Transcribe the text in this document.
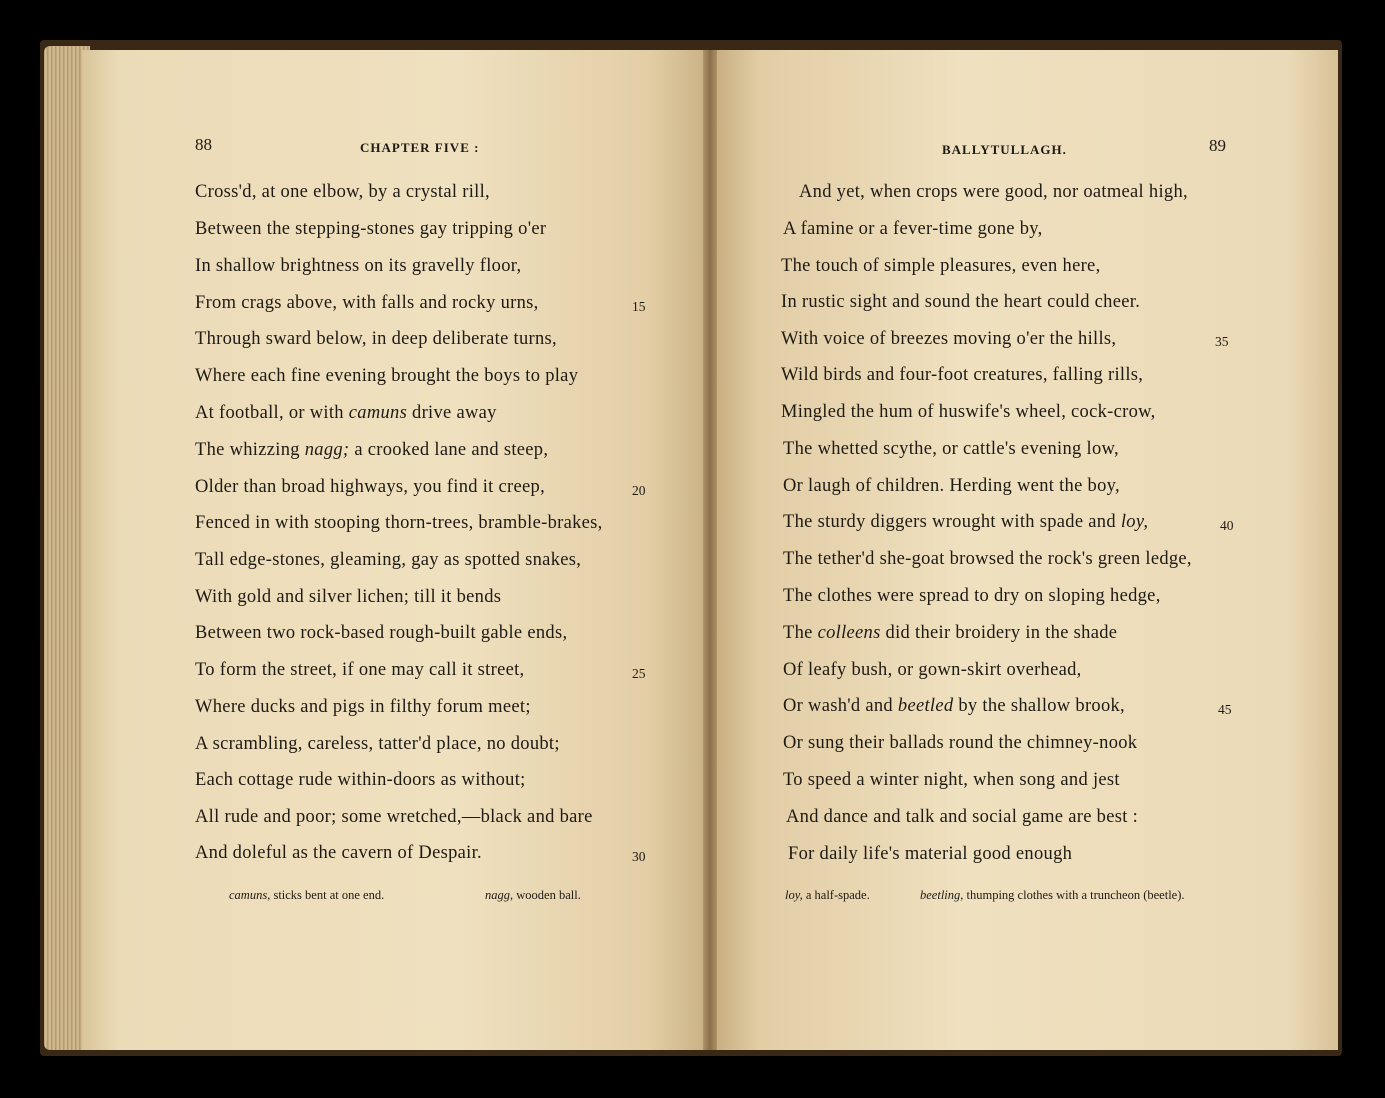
88	CHAPTER FIVE :
Cross'd, at one elbow, by a crystal rill,
Between the stepping-stones gay tripping o'er
In shallow brightness on its gravelly floor,
From crags above, with falls and rocky urns,	15
Through sward below, in deep deliberate turns,
Where each fine evening brought the boys to play
At football, or with camuns drive away
The whizzing nagg; a crooked lane and steep,
Older than broad highways, you find it creep,	20
Fenced in with stooping thorn-trees, bramble-brakes,
Tall edge-stones, gleaming, gay as spotted snakes,
With gold and silver lichen; till it bends
Between two rock-based rough-built gable ends,
To form the street, if one may call it street,	25
Where ducks and pigs in filthy forum meet;
A scrambling, careless, tatter'd place, no doubt;
Each cottage rude within-doors as without;
All rude and poor; some wretched,—black and bare
And doleful as the cavern of Despair.	30
camuns, sticks bent at one end.	nagg, wooden ball.
BALLYTULLAGH.	89
And yet, when crops were good, nor oatmeal high,
A famine or a fever-time gone by,
The touch of simple pleasures, even here,
In rustic sight and sound the heart could cheer.
With voice of breezes moving o'er the hills,	35
Wild birds and four-foot creatures, falling rills,
Mingled the hum of huswife's wheel, cock-crow,
The whetted scythe, or cattle's evening low,
Or laugh of children. Herding went the boy,
The sturdy diggers wrought with spade and loy,	40
The tether'd she-goat browsed the rock's green ledge,
The clothes were spread to dry on sloping hedge,
The colleens did their broidery in the shade
Of leafy bush, or gown-skirt overhead,
Or wash'd and beetled by the shallow brook,	45
Or sung their ballads round the chimney-nook
To speed a winter night, when song and jest
And dance and talk and social game are best :
For daily life's material good enough
loy, a half-spade.	beetling, thumping clothes with a truncheon (beetle).
